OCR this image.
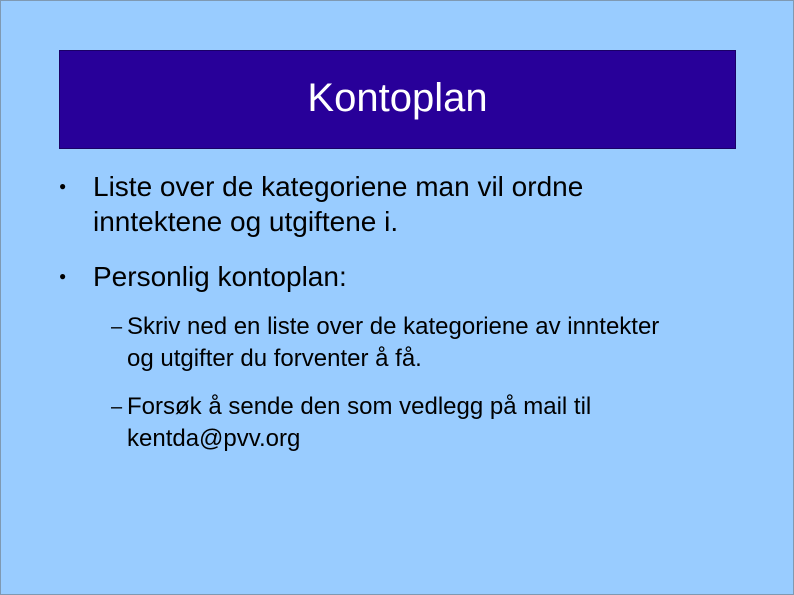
Kontoplan
● Liste over de kategoriene man vil ordne inntektene og utgiftene i.
● Personlig kontoplan:
– Skriv ned en liste over de kategoriene av inntekter og utgifter du forventer å få.
– Forsøk å sende den som vedlegg på mail til kentda@pvv.org
